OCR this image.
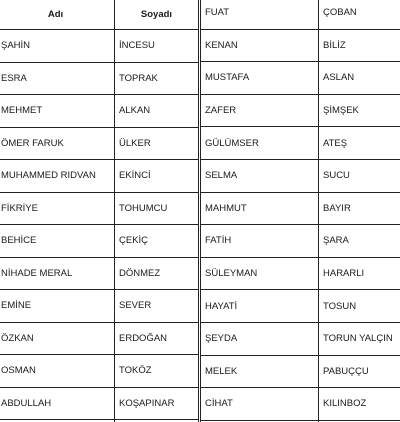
Adı	Soyadı
ŞAHİN	İNCESU
ESRA	TOPRAK
MEHMET	ALKAN
ÖMER FARUK	ÜLKER
MUHAMMED RIDVAN	EKİNCİ
FİKRİYE	TOHUMCU
BEHİCE	ÇEKİÇ
NİHADE MERAL	DÖNMEZ
EMİNE	SEVER
ÖZKAN	ERDOĞAN
OSMAN	TOKÖZ
ABDULLAH	KOŞAPINAR

FUAT	ÇOBAN
KENAN	BİLİZ
MUSTAFA	ASLAN
ZAFER	ŞİMŞEK
GÜLÜMSER	ATEŞ
SELMA	SUCU
MAHMUT	BAYIR
FATİH	ŞARA
SÜLEYMAN	HARARLI
HAYATİ	TOSUN
ŞEYDA	TORUN YALÇIN
MELEK	PABUÇÇU
CİHAT	KILINBOZ
